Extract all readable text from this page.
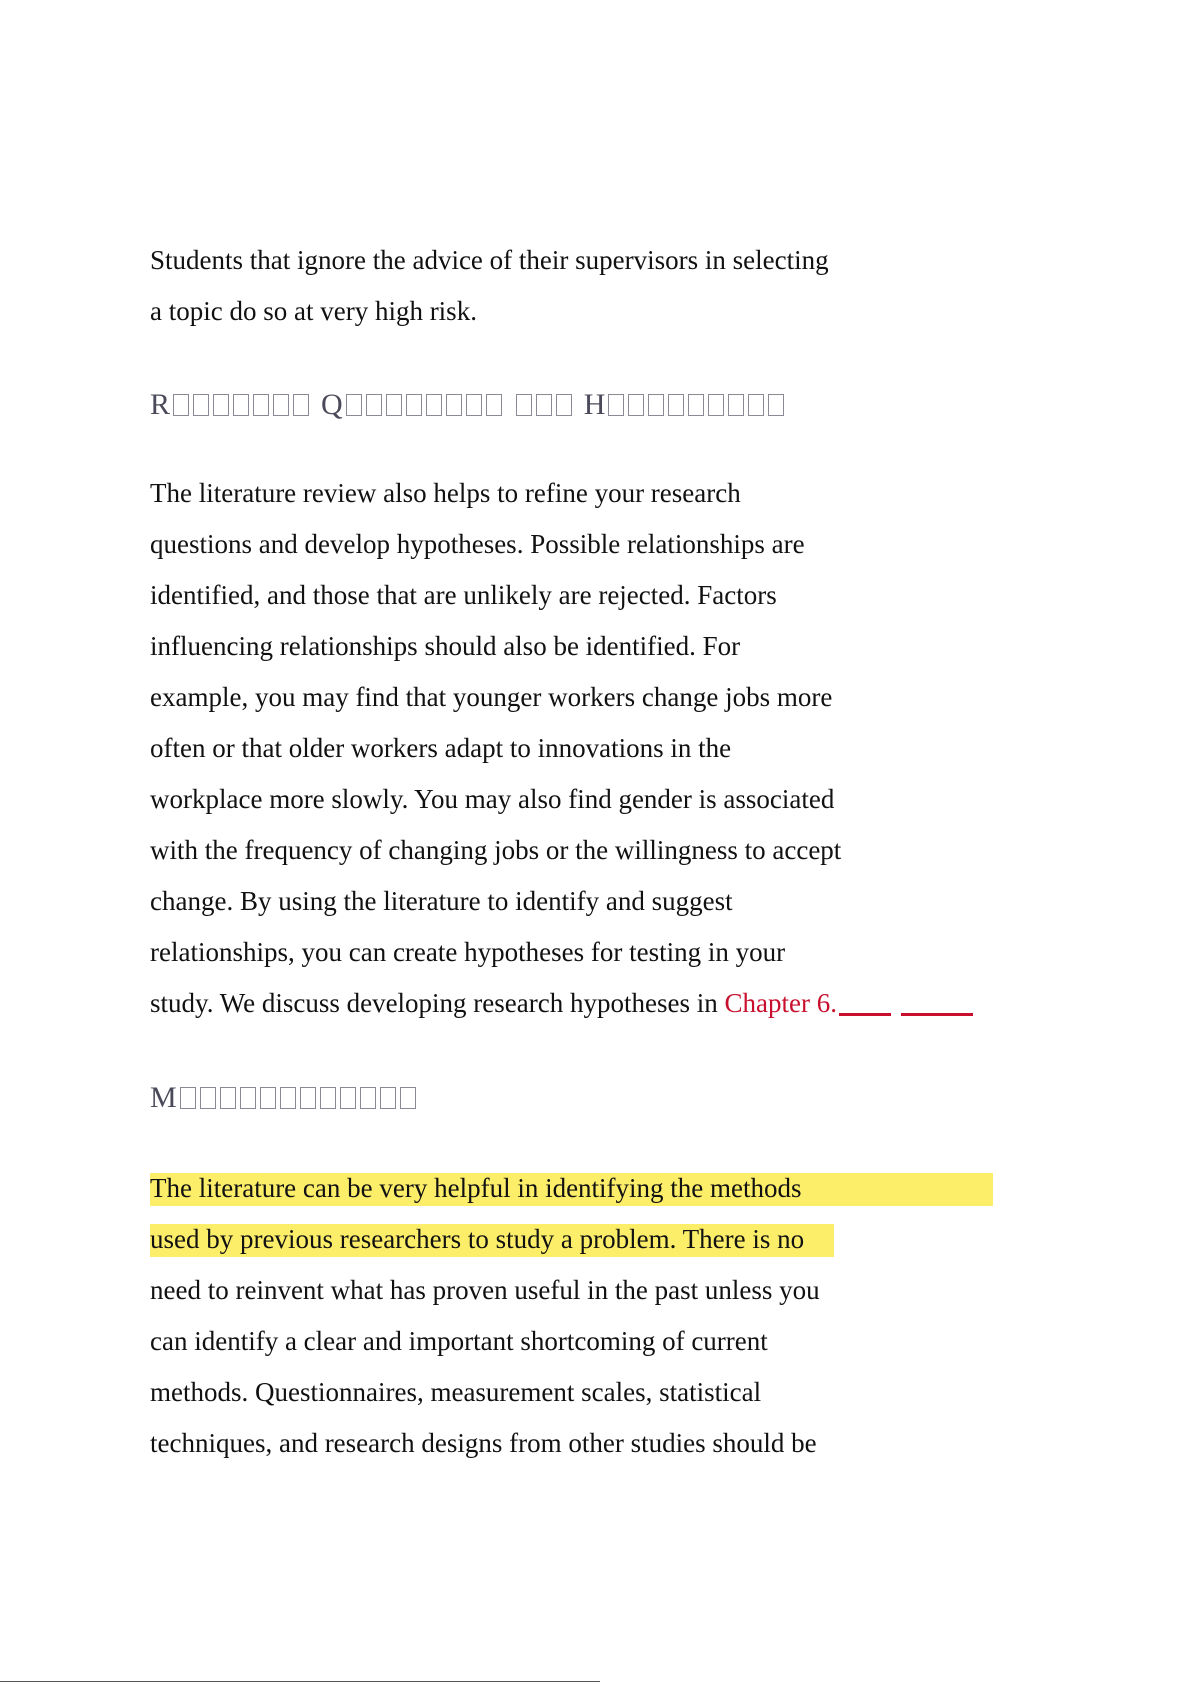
Students that ignore the advice of their supervisors in selecting
a topic do so at very high risk.
R	Q	H
The literature review also helps to refine your research
questions and develop hypotheses. Possible relationships are
identified, and those that are unlikely are rejected. Factors
influencing relationships should also be identified. For
example, you may find that younger workers change jobs more
often or that older workers adapt to innovations in the
workplace more slowly. You may also find gender is associated
with the frequency of changing jobs or the willingness to accept
change. By using the literature to identify and suggest
relationships, you can create hypotheses for testing in your
study. We discuss developing research hypotheses in Chapter 6.
M
The literature can be very helpful in identifying the methods
used by previous researchers to study a problem. There is no
need to reinvent what has proven useful in the past unless you
can identify a clear and important shortcoming of current
methods. Questionnaires, measurement scales, statistical
techniques, and research designs from other studies should be
